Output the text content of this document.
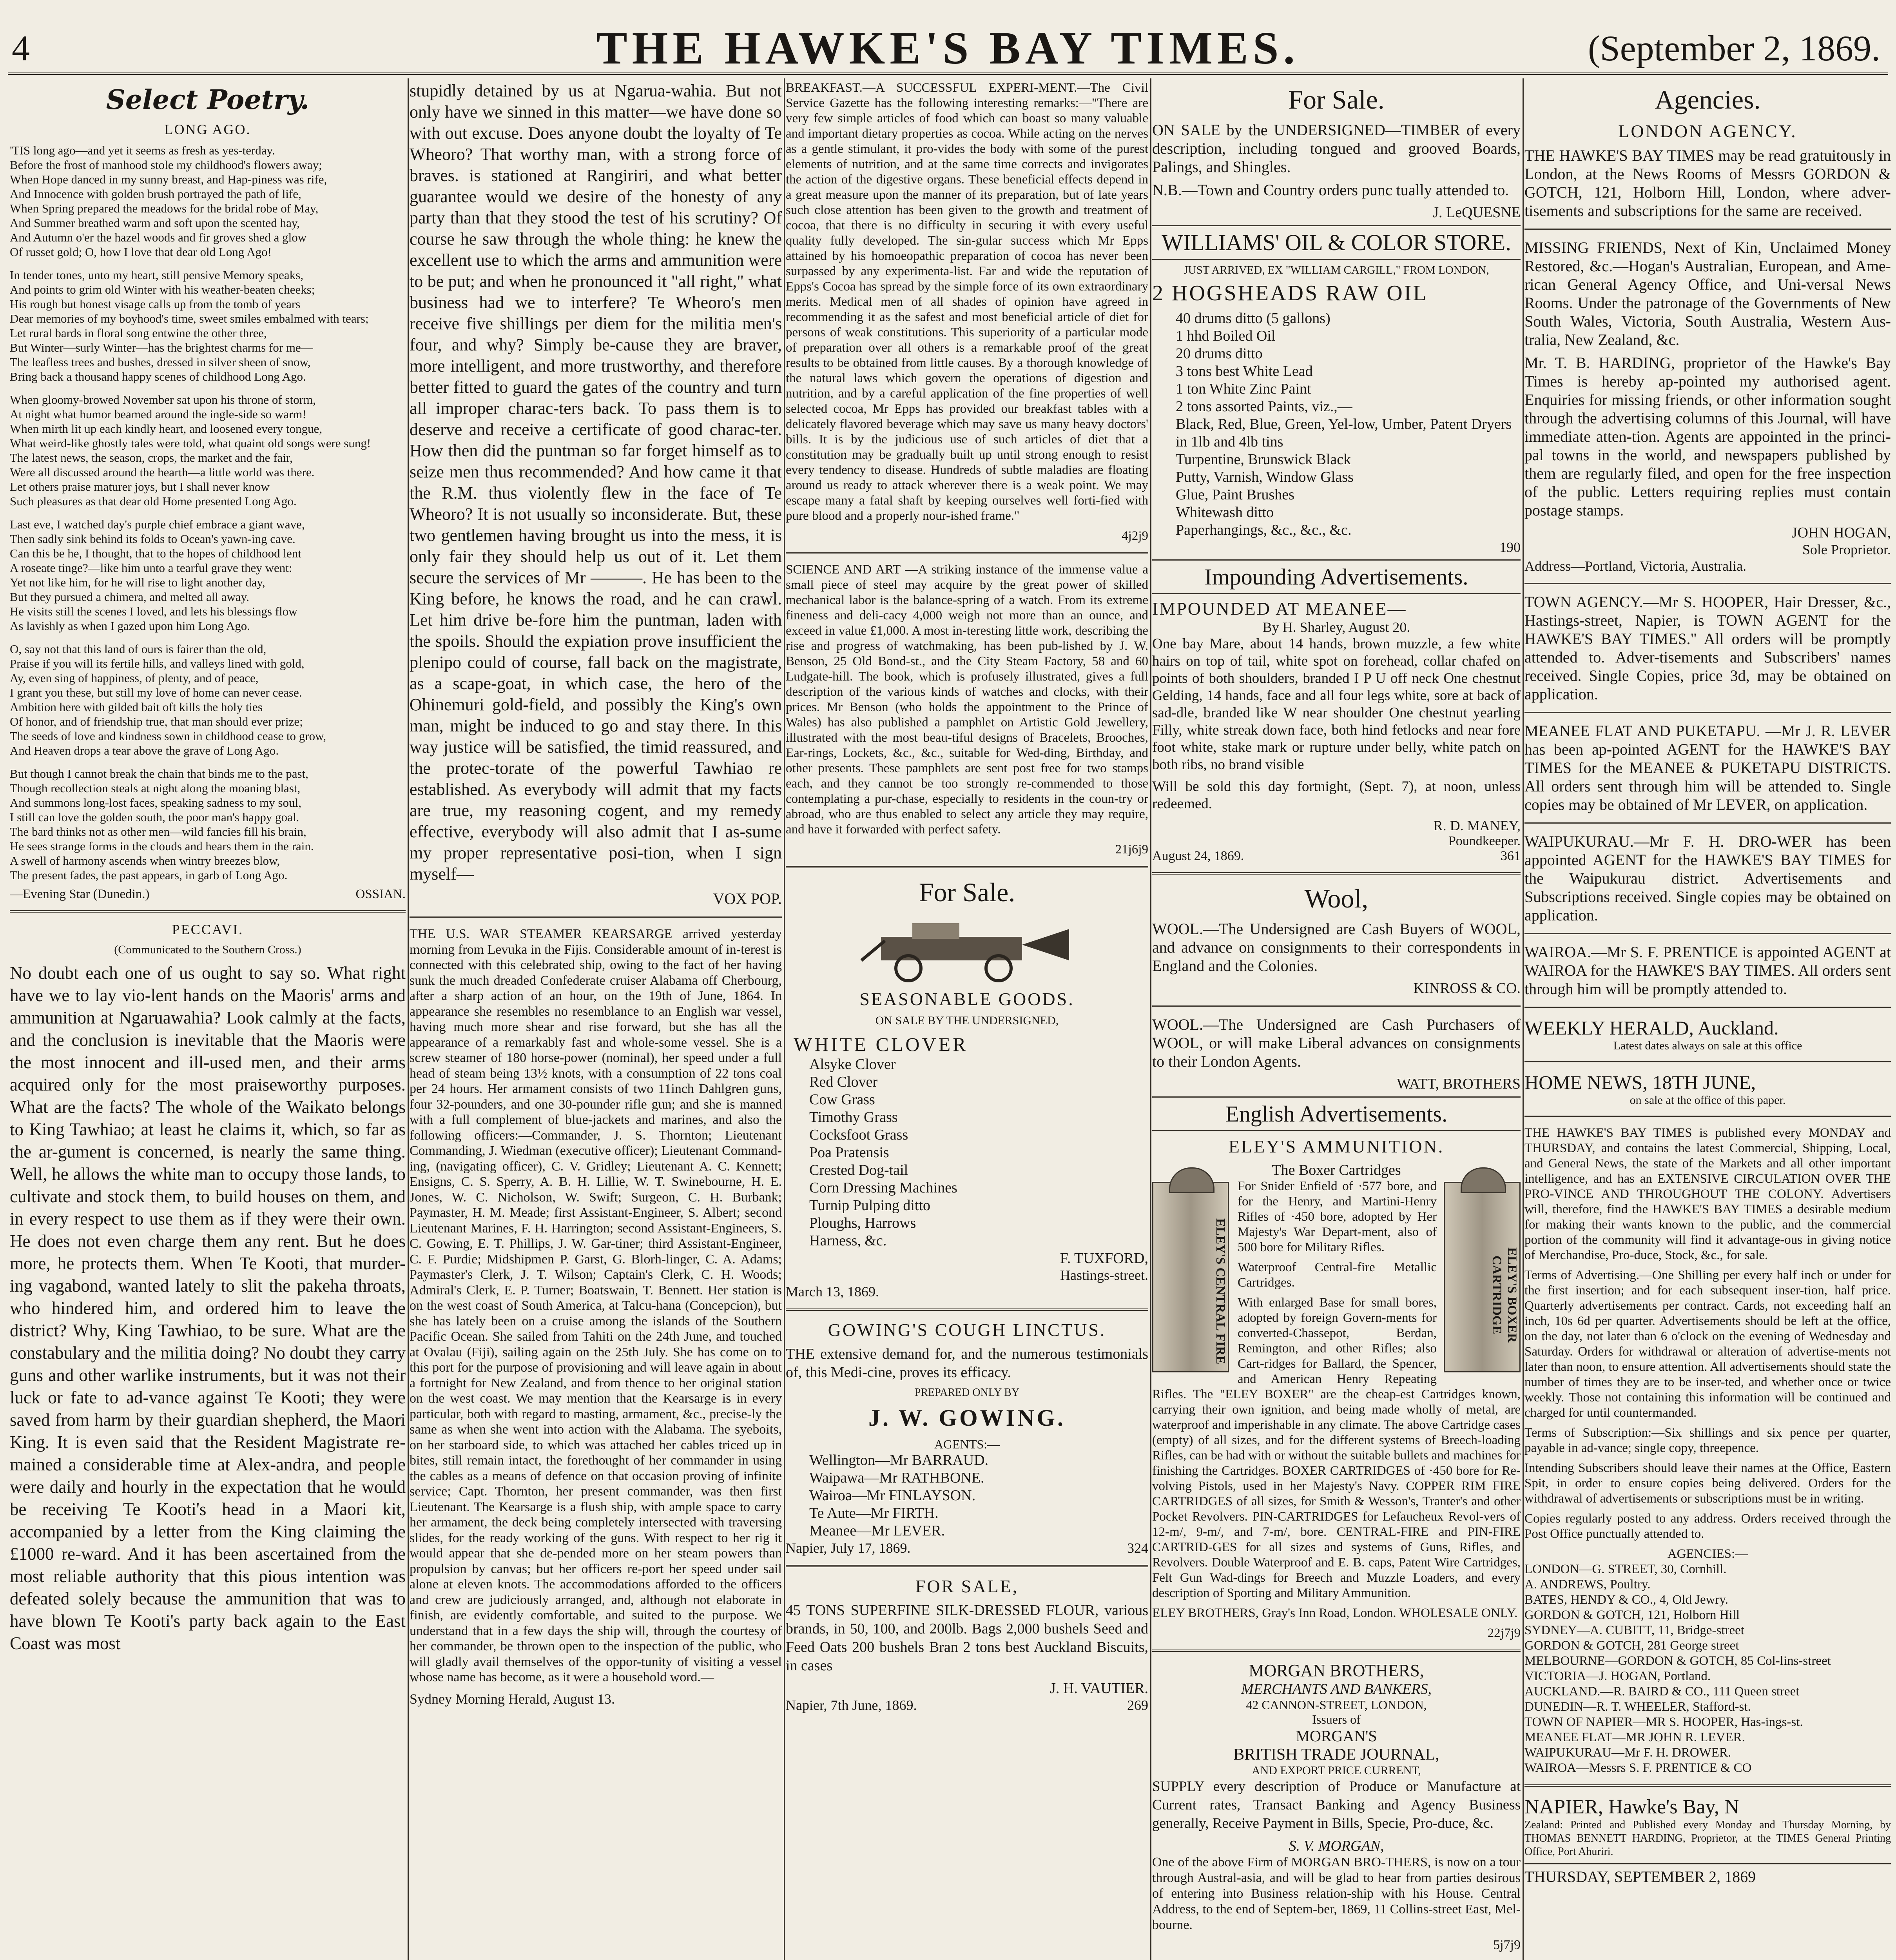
4	THE HAWKE'S BAY TIMES.	(September 2, 1869.
Select Poetry.
LONG AGO.
'TIS long ago—and yet it seems as fresh as yes-terday.
Before the frost of manhood stole my childhood's flowers away;
When Hope danced in my sunny breast, and Hap-piness was rife,
And Innocence with golden brush portrayed the path of life,
When Spring prepared the meadows for the bridal robe of May,
And Summer breathed warm and soft upon the scented hay,
And Autumn o'er the hazel woods and fir groves shed a glow
Of russet gold; O, how I love that dear old Long Ago!
In tender tones, unto my heart, still pensive Memory speaks,
And points to grim old Winter with his weather-beaten cheeks;
His rough but honest visage calls up from the tomb of years
Dear memories of my boyhood's time, sweet smiles embalmed with tears;
Let rural bards in floral song entwine the other three,
But Winter—surly Winter—has the brightest charms for me—
The leafless trees and bushes, dressed in silver sheen of snow,
Bring back a thousand happy scenes of childhood Long Ago.
When gloomy-browed November sat upon his throne of storm,
At night what humor beamed around the ingle-side so warm!
When mirth lit up each kindly heart, and loosened every tongue,
What weird-like ghostly tales were told, what quaint old songs were sung!
The latest news, the season, crops, the market and the fair,
Were all discussed around the hearth—a little world was there.
Let others praise maturer joys, but I shall never know
Such pleasures as that dear old Home presented Long Ago.
Last eve, I watched day's purple chief embrace a giant wave,
Then sadly sink behind its folds to Ocean's yawn-ing cave.
Can this be he, I thought, that to the hopes of childhood lent
A roseate tinge?—like him unto a tearful grave they went:
Yet not like him, for he will rise to light another day,
But they pursued a chimera, and melted all away.
He visits still the scenes I loved, and lets his blessings flow
As lavishly as when I gazed upon him Long Ago.
O, say not that this land of ours is fairer than the old,
Praise if you will its fertile hills, and valleys lined with gold,
Ay, even sing of happiness, of plenty, and of peace,
I grant you these, but still my love of home can never cease.
Ambition here with gilded bait oft kills the holy ties
Of honor, and of friendship true, that man should ever prize;
The seeds of love and kindness sown in childhood cease to grow,
And Heaven drops a tear above the grave of Long Ago.
But though I cannot break the chain that binds me to the past,
Though recollection steals at night along the moaning blast,
And summons long-lost faces, speaking sadness to my soul,
I still can love the golden south, the poor man's happy goal.
The bard thinks not as other men—wild fancies fill his brain,
He sees strange forms in the clouds and hears them in the rain.
A swell of harmony ascends when wintry breezes blow,
The present fades, the past appears, in garb of Long Ago.
—Evening Star (Dunedin.)	OSSIAN.
PECCAVI.
(Communicated to the Southern Cross.)

No doubt each one of us ought to say so. What right have we to lay vio-lent hands on the Maoris' arms and ammunition at Ngaruawahia? Look calmly at the facts, and the conclusion is inevitable that the Maoris were the most innocent and ill-used men, and their arms acquired only for the most praiseworthy purposes. What are the facts? The whole of the Waikato belongs to King Tawhiao; at least he claims it, which, so far as the ar-gument is concerned, is nearly the same thing. Well, he allows the white man to occupy those lands, to cultivate and stock them, to build houses on them, and in every respect to use them as if they were their own. He does not even charge them any rent. But he does more, he protects them. When Te Kooti, that murder-ing vagabond, wanted lately to slit the pakeha throats, who hindered him, and ordered him to leave the district? Why, King Tawhiao, to be sure. What are the constabulary and the militia doing? No doubt they carry guns and other warlike instruments, but it was not their luck or fate to ad-vance against Te Kooti; they were saved from harm by their guardian shepherd, the Maori King. It is even said that the Resident Magistrate re-mained a considerable time at Alex-andra, and people were daily and hourly in the expectation that he would be receiving Te Kooti's head in a Maori kit, accompanied by a letter from the King claiming the £1000 re-ward. And it has been ascertained from the most reliable authority that this pious intention was defeated solely because the ammunition that was to have blown Te Kooti's party back again to the East Coast was most

stupidly detained by us at Ngarua-wahia. But not only have we sinned in this matter—we have done so with out excuse. Does anyone doubt the loyalty of Te Wheoro? That worthy man, with a strong force of braves. is stationed at Rangiriri, and what better guarantee would we desire of the honesty of any party than that they stood the test of his scrutiny? Of course he saw through the whole thing: he knew the excellent use to which the arms and ammunition were to be put; and when he pronounced it "all right," what business had we to interfere? Te Wheoro's men receive five shillings per diem for the militia men's four, and why? Simply be-cause they are braver, more intelligent, and more trustworthy, and therefore better fitted to guard the gates of the country and turn all improper charac-ters back. To pass them is to deserve and receive a certificate of good charac-ter. How then did the puntman so far forget himself as to seize men thus recommended? And how came it that the R.M. thus violently flew in the face of Te Wheoro? It is not usually so inconsiderate. But, these two gentlemen having brought us into the mess, it is only fair they should help us out of it. Let them secure the services of Mr ———. He has been to the King before, he knows the road, and he can crawl. Let him drive be-fore him the puntman, laden with the spoils. Should the expiation prove insufficient the plenipo could of course, fall back on the magistrate, as a scape-goat, in which case, the hero of the Ohinemuri gold-field, and possibly the King's own man, might be induced to go and stay there. In this way justice will be satisfied, the timid reassured, and the protec-torate of the powerful Tawhiao re established. As everybody will admit that my facts are true, my reasoning cogent, and my remedy effective, everybody will also admit that I as-sume my proper representative posi-tion, when I sign myself—

VOX POP.

THE U.S. WAR STEAMER KEARSARGE arrived yesterday morning from Levuka in the Fijis. Considerable amount of in-terest is connected with this celebrated ship, owing to the fact of her having sunk the much dreaded Confederate cruiser Alabama off Cherbourg, after a sharp action of an hour, on the 19th of June, 1864. In appearance she resembles no resemblance to an English war vessel, having much more shear and rise forward, but she has all the appearance of a remarkably fast and whole-some vessel. She is a screw steamer of 180 horse-power (nominal), her speed under a full head of steam being 13½ knots, with a consumption of 22 tons coal per 24 hours. Her armament consists of two 11inch Dahlgren guns, four 32-pounders, and one 30-pounder rifle gun; and she is manned with a full complement of blue-jackets and marines, and also the following officers:—Commander, J. S. Thornton; Lieutenant Commanding, J. Wiedman (executive officer); Lieutenant Command-ing, (navigating officer), C. V. Gridley; Lieutenant A. C. Kennett; Ensigns, C. S. Sperry, A. B. H. Lillie, W. T. Swinebourne, H. E. Jones, W. C. Nicholson, W. Swift; Surgeon, C. H. Burbank; Paymaster, H. M. Meade; first Assistant-Engineer, S. Albert; second Lieutenant Marines, F. H. Harrington; second Assistant-Engineers, S. C. Gowing, E. T. Phillips, J. W. Gar-tiner; third Assistant-Engineer, C. F. Purdie; Midshipmen P. Garst, G. Blorh-linger, C. A. Adams; Paymaster's Clerk, J. T. Wilson; Captain's Clerk, C. H. Woods; Admiral's Clerk, E. P. Turner; Boatswain, T. Bennett. Her station is on the west coast of South America, at Talcu-hana (Concepcion), but she has lately been on a cruise among the islands of the Southern Pacific Ocean. She sailed from Tahiti on the 24th June, and touched at Ovalau (Fiji), sailing again on the 25th July. She has come on to this port for the purpose of provisioning and will leave again in about a fortnight for New Zealand, and from thence to her original station on the west coast. We may mention that the Kearsarge is in every particular, both with regard to masting, armament, &c., precise-ly the same as when she went into action with the Alabama. The syeboits, on her starboard side, to which was attached her cables triced up in bites, still remain intact, the forethought of her commander in using the cables as a means of defence on that occasion proving of infinite service; Capt. Thornton, her present commander, was then first Lieutenant. The Kearsarge is a flush ship, with ample space to carry her armament, the deck being completely intersected with traversing slides, for the ready working of the guns. With respect to her rig it would appear that she de-pended more on her steam powers than propulsion by canvas; but her officers re-port her speed under sail alone at eleven knots. The accommodations afforded to the officers and crew are judiciously arranged, and, although not elaborate in finish, are evidently comfortable, and suited to the purpose. We understand that in a few days the ship will, through the courtesy of her commander, be thrown open to the inspection of the public, who will gladly avail themselves of the oppor-tunity of visiting a vessel whose name has become, as it were a household word.—

Sydney Morning Herald, August 13.

BREAKFAST.—A SUCCESSFUL EXPERI-MENT.—The Civil Service Gazette has the following interesting remarks:—"There are very few simple articles of food which can boast so many valuable and important dietary properties as cocoa. While acting on the nerves as a gentle stimulant, it pro-vides the body with some of the purest elements of nutrition, and at the same time corrects and invigorates the action of the digestive organs. These beneficial effects depend in a great measure upon the manner of its preparation, but of late years such close attention has been given to the growth and treatment of cocoa, that there is no difficulty in securing it with every useful quality fully developed. The sin-gular success which Mr Epps attained by his homoeopathic preparation of cocoa has never been surpassed by any experimenta-list. Far and wide the reputation of Epps's Cocoa has spread by the simple force of its own extraordinary merits. Medical men of all shades of opinion have agreed in recommending it as the safest and most beneficial article of diet for persons of weak constitutions. This superiority of a particular mode of preparation over all others is a remarkable proof of the great results to be obtained from little causes. By a thorough knowledge of the natural laws which govern the operations of digestion and nutrition, and by a careful application of the fine properties of well selected cocoa, Mr Epps has provided our breakfast tables with a delicately flavored beverage which may save us many heavy doctors' bills. It is by the judicious use of such articles of diet that a constitution may be gradually built up until strong enough to resist every tendency to disease. Hundreds of subtle maladies are floating around us ready to attack wherever there is a weak point. We may escape many a fatal shaft by keeping ourselves well forti-fied with pure blood and a properly nour-ished frame."

4j2j9

SCIENCE AND ART —A striking instance of the immense value a small piece of steel may acquire by the great power of skilled mechanical labor is the balance-spring of a watch. From its extreme fineness and deli-cacy 4,000 weigh not more than an ounce, and exceed in value £1,000. A most in-teresting little work, describing the rise and progress of watchmaking, has been pub-lished by J. W. Benson, 25 Old Bond-st., and the City Steam Factory, 58 and 60 Ludgate-hill. The book, which is profusely illustrated, gives a full description of the various kinds of watches and clocks, with their prices. Mr Benson (who holds the appointment to the Prince of Wales) has also published a pamphlet on Artistic Gold Jewellery, illustrated with the most beau-tiful designs of Bracelets, Brooches, Ear-rings, Lockets, &c., &c., suitable for Wed-ding, Birthday, and other presents. These pamphlets are sent post free for two stamps each, and they cannot be too strongly re-commended to those contemplating a pur-chase, especially to residents in the coun-try or abroad, who are thus enabled to select any article they may require, and have it forwarded with perfect safety.

21j6j9
For Sale.
SEASONABLE GOODS.
ON SALE BY THE UNDERSIGNED,
WHITE CLOVER
Alsyke Clover
Red Clover
Cow Grass
Timothy Grass
Cocksfoot Grass
Poa Pratensis
Crested Dog-tail
Corn Dressing Machines
Turnip Pulping ditto
Ploughs, Harrows
Harness, &c.
F. TUXFORD,
Hastings-street.
March 13, 1869.
GOWING'S COUGH LINCTUS.

THE extensive demand for, and the numerous testimonials of, this Medi-cine, proves its efficacy.

PREPARED ONLY BY
J. W. GOWING.
AGENTS:—
Wellington—Mr BARRAUD.
Waipawa—Mr RATHBONE.
Wairoa—Mr FINLAYSON.
Te Aute—Mr FIRTH.
Meanee—Mr LEVER.
Napier, July 17, 1869.	324
FOR SALE,

45 TONS SUPERFINE SILK-DRESSED FLOUR, various brands, in 50, 100, and 200lb. Bags 2,000 bushels Seed and Feed Oats 200 bushels Bran 2 tons best Auckland Biscuits, in cases

J. H. VAUTIER.
Napier, 7th June, 1869.	269
For Sale.

ON SALE by the UNDERSIGNED—TIMBER of every description, including tongued and grooved Boards, Palings, and Shingles.

N.B.—Town and Country orders punc tually attended to.

J. LeQUESNE
WILLIAMS' OIL & COLOR STORE.
JUST ARRIVED, EX "WILLIAM CARGILL," FROM LONDON,
2 HOGSHEADS RAW OIL
40 drums ditto (5 gallons)
1 hhd Boiled Oil
20 drums ditto
3 tons best White Lead
1 ton White Zinc Paint
2 tons assorted Paints, viz.,—
Black, Red, Blue, Green, Yel-low, Umber, Patent Dryers in 1lb and 4lb tins
Turpentine, Brunswick Black
Putty, Varnish, Window Glass
Glue, Paint Brushes
Whitewash ditto
Paperhangings, &c., &c., &c.
190
Impounding Advertisements.
IMPOUNDED AT MEANEE—
By H. Sharley, August 20.

One bay Mare, about 14 hands, brown muzzle, a few white hairs on top of tail, white spot on forehead, collar chafed on points of both shoulders, branded I P U off neck One chestnut Gelding, 14 hands, face and all four legs white, sore at back of sad-dle, branded like W near shoulder One chestnut yearling Filly, white streak down face, both hind fetlocks and near fore foot white, stake mark or rupture under belly, white patch on both ribs, no brand visible

Will be sold this day fortnight, (Sept. 7), at noon, unless redeemed.

R. D. MANEY,
Poundkeeper.
August 24, 1869.	361
Wool,

WOOL.—The Undersigned are Cash Buyers of WOOL, and advance on consignments to their correspondents in England and the Colonies.

KINROSS & CO.

WOOL.—The Undersigned are Cash Purchasers of WOOL, or will make Liberal advances on consignments to their London Agents.

WATT, BROTHERS
English Advertisements.
ELEY'S AMMUNITION.
The Boxer Cartridges
ELEY'S CENTRAL FIRE	ELEY'S BOXER CARTRIDGE

For Snider Enfield of ·577 bore, and for the Henry, and Martini-Henry Rifles of ·450 bore, adopted by Her Majesty's War Depart-ment, also of 500 bore for Military Rifles.

Waterproof Central-fire Metallic Cartridges.

With enlarged Base for small bores, adopted by foreign Govern-ments for converted-Chassepot, Berdan, Remington, and other Rifles; also Cart-ridges for Ballard, the Spencer, and American Henry Repeating Rifles. The "ELEY BOXER" are the cheap-est Cartridges known, carrying their own ignition, and being made wholly of metal, are waterproof and imperishable in any climate. The above Cartridge cases (empty) of all sizes, and for the different systems of Breech-loading Rifles, can be had with or without the suitable bullets and machines for finishing the Cartridges. BOXER CARTRIDGES of ·450 bore for Re-volving Pistols, used in her Majesty's Navy. COPPER RIM FIRE CARTRIDGES of all sizes, for Smith & Wesson's, Tranter's and other Pocket Revolvers. PIN-CARTRIDGES for Lefaucheux Revol-vers of 12-m/, 9-m/, and 7-m/, bore. CENTRAL-FIRE and PIN-FIRE CARTRID-GES for all sizes and systems of Guns, Rifles, and Revolvers. Double Waterproof and E. B. caps, Patent Wire Cartridges, Felt Gun Wad-dings for Breech and Muzzle Loaders, and every description of Sporting and Military Ammunition.

ELEY BROTHERS, Gray's Inn Road, London. WHOLESALE ONLY.

22j7j9
MORGAN BROTHERS,
MERCHANTS AND BANKERS,
42 CANNON-STREET, LONDON,
Issuers of
MORGAN'S
BRITISH TRADE JOURNAL,
AND EXPORT PRICE CURRENT,

SUPPLY every description of Produce or Manufacture at Current rates, Transact Banking and Agency Business generally, Receive Payment in Bills, Specie, Pro-duce, &c.

S. V. MORGAN,

One of the above Firm of MORGAN BRO-THERS, is now on a tour through Austral-asia, and will be glad to hear from parties desirous of entering into Business relation-ship with his House. Central Address, to the end of Septem-ber, 1869, 11 Collins-street East, Mel-bourne.

5j7j9
Agencies.
LONDON AGENCY.

THE HAWKE'S BAY TIMES may be read gratuitously in London, at the News Rooms of Messrs GORDON & GOTCH, 121, Holborn Hill, London, where adver-tisements and subscriptions for the same are received.

MISSING FRIENDS, Next of Kin, Unclaimed Money Restored, &c.—Hogan's Australian, European, and Ame-rican General Agency Office, and Uni-versal News Rooms. Under the patronage of the Governments of New South Wales, Victoria, South Australia, Western Aus-tralia, New Zealand, &c.

Mr. T. B. HARDING, proprietor of the Hawke's Bay Times is hereby ap-pointed my authorised agent. Enquiries for missing friends, or other information sought through the advertising columns of this Journal, will have immediate atten-tion. Agents are appointed in the princi-pal towns in the world, and newspapers published by them are regularly filed, and open for the free inspection of the public. Letters requiring replies must contain postage stamps.

JOHN HOGAN,
Sole Proprietor.
Address—Portland, Victoria, Australia.

TOWN AGENCY.—Mr S. HOOPER, Hair Dresser, &c., Hastings-street, Napier, is TOWN AGENT for the HAWKE'S BAY TIMES." All orders will be promptly attended to. Adver-tisements and Subscribers' names received. Single Copies, price 3d, may be obtained on application.

MEANEE FLAT AND PUKETAPU. —Mr J. R. LEVER has been ap-pointed AGENT for the HAWKE'S BAY TIMES for the MEANEE & PUKETAPU DISTRICTS. All orders sent through him will be attended to. Single copies may be obtained of Mr LEVER, on application.

WAIPUKURAU.—Mr F. H. DRO-WER has been appointed AGENT for the HAWKE'S BAY TIMES for the Waipukurau district. Advertisements and Subscriptions received. Single copies may be obtained on application.

WAIROA.—Mr S. F. PRENTICE is appointed AGENT at WAIROA for the HAWKE'S BAY TIMES. All orders sent through him will be promptly attended to.

WEEKLY HERALD, Auckland.
Latest dates always on sale at this office
HOME NEWS, 18TH JUNE,
on sale at the office of this paper.

THE HAWKE'S BAY TIMES is published every MONDAY and THURSDAY, and contains the latest Commercial, Shipping, Local, and General News, the state of the Markets and all other important intelligence, and has an EXTENSIVE CIRCULATION OVER THE PRO-VINCE AND THROUGHOUT THE COLONY. Advertisers will, therefore, find the HAWKE'S BAY TIMES a desirable medium for making their wants known to the public, and the commercial portion of the community will find it advantage-ous in giving notice of Merchandise, Pro-duce, Stock, &c., for sale.

Terms of Advertising.—One Shilling per every half inch or under for the first insertion; and for each subsequent inser-tion, half price. Quarterly advertisements per contract. Cards, not exceeding half an inch, 10s 6d per quarter. Advertisements should be left at the office, on the day, not later than 6 o'clock on the evening of Wednesday and Saturday. Orders for withdrawal or alteration of advertise-ments not later than noon, to ensure attention. All advertisements should state the number of times they are to be inser-ted, and whether once or twice weekly. Those not containing this information will be continued and charged for until countermanded.

Terms of Subscription:—Six shillings and six pence per quarter, payable in ad-vance; single copy, threepence.

Intending Subscribers should leave their names at the Office, Eastern Spit, in order to ensure copies being delivered. Orders for the withdrawal of advertisements or subscriptions must be in writing.

Copies regularly posted to any address. Orders received through the Post Office punctually attended to.

AGENCIES:—
LONDON—G. STREET, 30, Cornhill.
A. ANDREWS, Poultry.
BATES, HENDY & CO., 4, Old Jewry.
GORDON & GOTCH, 121, Holborn Hill
SYDNEY—A. CUBITT, 11, Bridge-street
GORDON & GOTCH, 281 George street
MELBOURNE—GORDON & GOTCH, 85 Col-lins-street
VICTORIA—J. HOGAN, Portland.
AUCKLAND.—R. BAIRD & CO., 111 Queen street
DUNEDIN—R. T. WHEELER, Stafford-st.
TOWN OF NAPIER—MR S. HOOPER, Has-ings-st.
MEANEE FLAT—MR JOHN R. LEVER.
WAIPUKURAU—Mr F. H. DROWER.
WAIROA—Messrs S. F. PRENTICE & CO
NAPIER, Hawke's Bay, N

Zealand: Printed and Published every Monday and Thursday Morning, by THOMAS BENNETT HARDING, Proprietor, at the TIMES General Printing Office, Port Ahuriri.

THURSDAY, SEPTEMBER 2, 1869
